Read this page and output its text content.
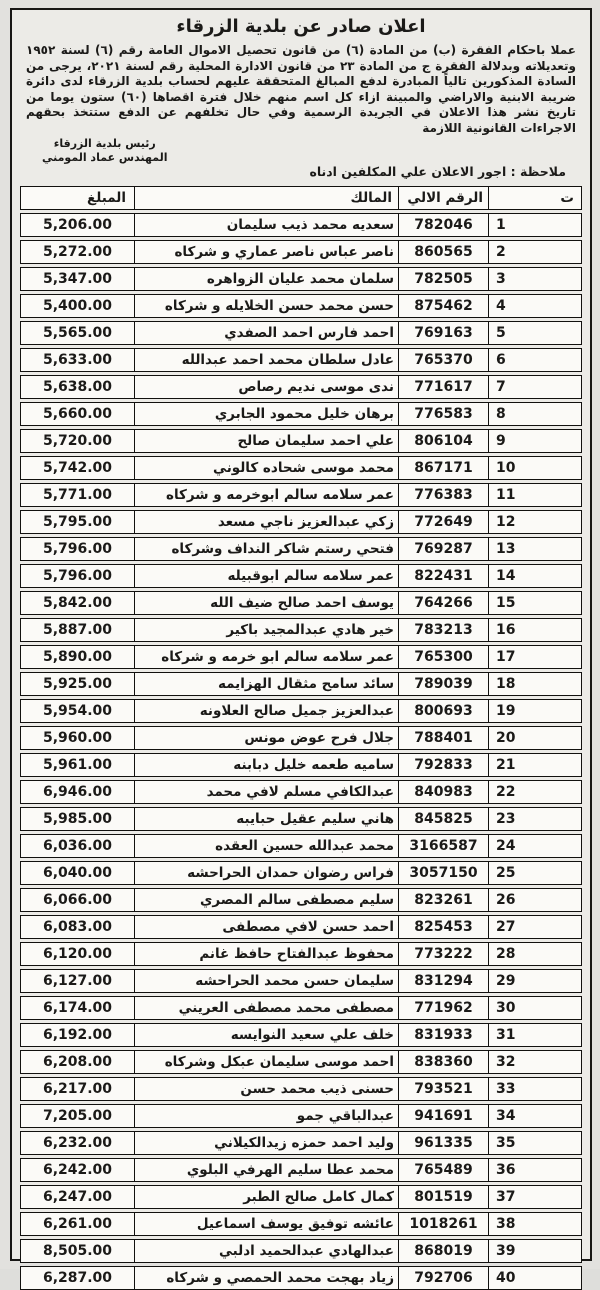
اعلان صادر عن بلدية الزرقاء
عملا باحكام الفقرة (ب) من المادة (٦) من قانون تحصيل الاموال العامة رقم (٦) لسنة ١٩٥٢ وتعديلاته وبدلالة الفقرة ج من المادة ٢٣ من قانون الادارة المحلية رقم لسنة ٢٠٢١، يرجى من السادة المذكورين تالياً المبادرة لدفع المبالغ المتحققة عليهم لحساب بلدية الزرقاء لدى دائرة ضريبة الابنية والاراضي والمبينة ازاء كل اسم منهم خلال فترة اقصاها (٦٠) ستون يوما من تاريخ نشر هذا الاعلان في الجريدة الرسمية وفي حال تخلفهم عن الدفع ستتخذ بحقهم الاجراءات القانونية اللازمة
رئيس بلدية الزرقاء
المهندس عماد المومني
ملاحظة : اجور الاعلان علي المكلفين ادناه
ت
الرقم الالي
المالك
المبلغ
1
782046
سعديه محمد ذيب سليمان
5,206.00
2
860565
ناصر عباس ناصر عماري و شركاه
5,272.00
3
782505
سلمان محمد عليان الزواهره
5,347.00
4
875462
حسن محمد حسن الخلايله و شركاه
5,400.00
5
769163
احمد فارس احمد الصفدي
5,565.00
6
765370
عادل سلطان محمد احمد عبدالله
5,633.00
7
771617
ندى موسى نديم رصاص
5,638.00
8
776583
برهان خليل محمود الجابري
5,660.00
9
806104
علي احمد سليمان صالح
5,720.00
10
867171
محمد موسى شحاده كالوني
5,742.00
11
776383
عمر سلامه سالم ابوخرمه و شركاه
5,771.00
12
772649
زكي عبدالعزيز ناجي مسعد
5,795.00
13
769287
فتحي رستم شاكر النداف وشركاه
5,796.00
14
822431
عمر سلامه سالم ابوقبيله
5,796.00
15
764266
يوسف احمد صالح ضيف الله
5,842.00
16
783213
خير هادي عبدالمجيد باكير
5,887.00
17
765300
عمر سلامه سالم ابو خرمه و شركاه
5,890.00
18
789039
سائد سامح مثقال الهزايمه
5,925.00
19
800693
عبدالعزيز جميل صالح العلاونه
5,954.00
20
788401
جلال فرح عوض مونس
5,960.00
21
792833
ساميه طعمه خليل دبابنه
5,961.00
22
840983
عبدالكافي مسلم لافي محمد
6,946.00
23
845825
هاني سليم عقيل حبايبه
5,985.00
24
3166587
محمد عبدالله حسين العقده
6,036.00
25
3057150
فراس رضوان حمدان الحراحشه
6,040.00
26
823261
سليم مصطفى سالم المصري
6,066.00
27
825453
احمد حسن لافي مصطفى
6,083.00
28
773222
محفوظ عبدالفتاح حافظ غانم
6,120.00
29
831294
سليمان حسن محمد الحراحشه
6,127.00
30
771962
مصطفى محمد مصطفى العريني
6,174.00
31
831933
خلف علي سعيد النوايسه
6,192.00
32
838360
احمد موسى سليمان عبكل وشركاه
6,208.00
33
793521
حسنى ذيب محمد حسن
6,217.00
34
941691
عبدالباقي جمو
7,205.00
35
961335
وليد احمد حمزه زيدالكيلاني
6,232.00
36
765489
محمد عطا سليم الهرفي البلوي
6,242.00
37
801519
كمال كامل صالح الطبر
6,247.00
38
1018261
عائشه توفيق يوسف اسماعيل
6,261.00
39
868019
عبدالهادي عبدالحميد ادلبي
8,505.00
40
792706
زياد بهجت محمد الحمصي و شركاه
6,287.00
